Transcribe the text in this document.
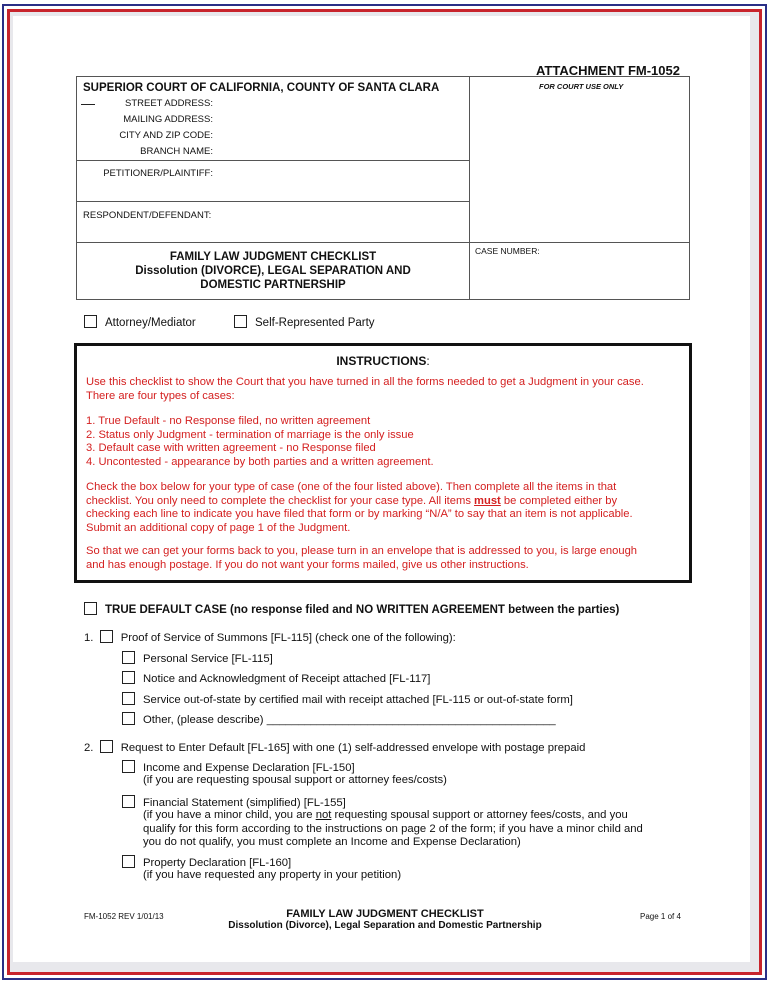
ATTACHMENT FM-1052
SUPERIOR COURT OF CALIFORNIA, COUNTY OF SANTA CLARA
STREET ADDRESS:
MAILING ADDRESS:
CITY AND ZIP CODE:
BRANCH NAME:
PETITIONER/PLAINTIFF:
RESPONDENT/DEFENDANT:
FAMILY LAW JUDGMENT CHECKLIST
Dissolution (DIVORCE), LEGAL SEPARATION AND
DOMESTIC PARTNERSHIP
CASE NUMBER:
FOR COURT USE ONLY
Attorney/Mediator	Self-Represented Party
INSTRUCTIONS:
Use this checklist to show the Court that you have turned in all the forms needed to get a Judgment in your case.
There are four types of cases:
1. True Default - no Response filed, no written agreement
2. Status only Judgment - termination of marriage is the only issue
3. Default case with written agreement - no Response filed
4. Uncontested - appearance by both parties and a written agreement.
Check the box below for your type of case (one of the four listed above). Then complete all the items in that
checklist. You only need to complete the checklist for your case type. All items must be completed either by
checking each line to indicate you have filed that form or by marking “N/A” to say that an item is not applicable.
Submit an additional copy of page 1 of the Judgment.
So that we can get your forms back to you, please turn in an envelope that is addressed to you, is large enough
and has enough postage. If you do not want your forms mailed, give us other instructions.
TRUE DEFAULT CASE (no response filed and NO WRITTEN AGREEMENT between the parties)
1. Proof of Service of Summons [FL-115] (check one of the following):
Personal Service [FL-115]
Notice and Acknowledgment of Receipt attached [FL-117]
Service out-of-state by certified mail with receipt attached [FL-115 or out-of-state form]
Other, (please describe) ______________________________________________
2. Request to Enter Default [FL-165] with one (1) self-addressed envelope with postage prepaid
Income and Expense Declaration [FL-150]
(if you are requesting spousal support or attorney fees/costs)
Financial Statement (simplified) [FL-155]
(if you have a minor child, you are not requesting spousal support or attorney fees/costs, and you
qualify for this form according to the instructions on page 2 of the form; if you have a minor child and
you do not qualify, you must complete an Income and Expense Declaration)
Property Declaration [FL-160]
(if you have requested any property in your petition)
FM-1052 REV 1/01/13	FAMILY LAW JUDGMENT CHECKLIST
Dissolution (Divorce), Legal Separation and Domestic Partnership
Page 1 of 4
